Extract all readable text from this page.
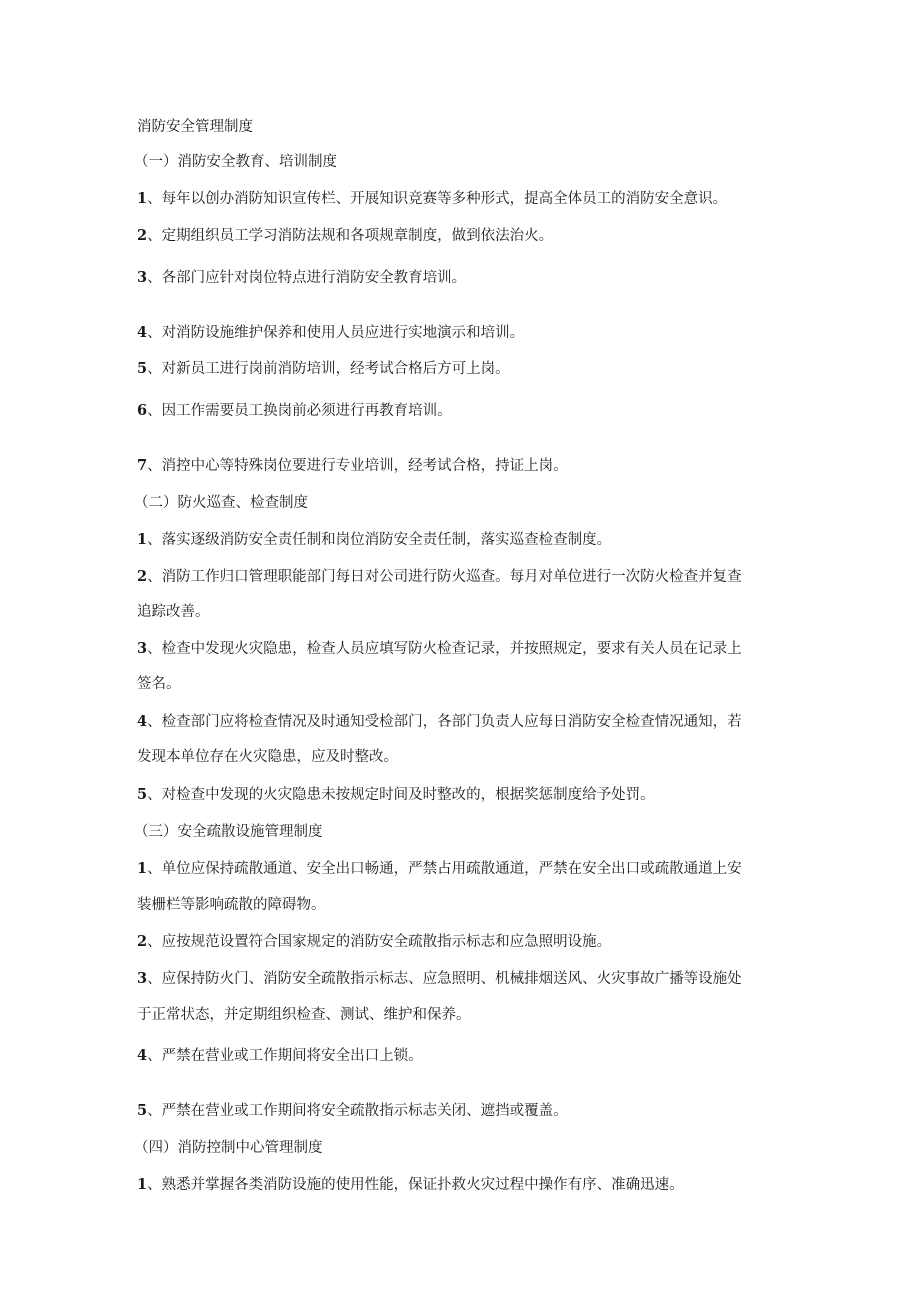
消防安全管理制度
（一）消防安全教育、培训制度
1、每年以创办消防知识宣传栏、开展知识竞赛等多种形式，提高全体员工的消防安全意识。
2、定期组织员工学习消防法规和各项规章制度，做到依法治火。
3、各部门应针对岗位特点进行消防安全教育培训。
4、对消防设施维护保养和使用人员应进行实地演示和培训。
5、对新员工进行岗前消防培训，经考试合格后方可上岗。
6、因工作需要员工换岗前必须进行再教育培训。
7、消控中心等特殊岗位要进行专业培训，经考试合格，持证上岗。
（二）防火巡查、检查制度
1、落实逐级消防安全责任制和岗位消防安全责任制，落实巡查检查制度。
2、消防工作归口管理职能部门每日对公司进行防火巡查。每月对单位进行一次防火检查并复查
追踪改善。
3、检查中发现火灾隐患，检查人员应填写防火检查记录，并按照规定，要求有关人员在记录上
签名。
4、检查部门应将检查情况及时通知受检部门，各部门负责人应每日消防安全检查情况通知，若
发现本单位存在火灾隐患，应及时整改。
5、对检查中发现的火灾隐患未按规定时间及时整改的，根据奖惩制度给予处罚。
（三）安全疏散设施管理制度
1、单位应保持疏散通道、安全出口畅通，严禁占用疏散通道，严禁在安全出口或疏散通道上安
装栅栏等影响疏散的障碍物。
2、应按规范设置符合国家规定的消防安全疏散指示标志和应急照明设施。
3、应保持防火门、消防安全疏散指示标志、应急照明、机械排烟送风、火灾事故广播等设施处
于正常状态，并定期组织检查、测试、维护和保养。
4、严禁在营业或工作期间将安全出口上锁。
5、严禁在营业或工作期间将安全疏散指示标志关闭、遮挡或覆盖。
（四）消防控制中心管理制度
1、熟悉并掌握各类消防设施的使用性能，保证扑救火灾过程中操作有序、准确迅速。
